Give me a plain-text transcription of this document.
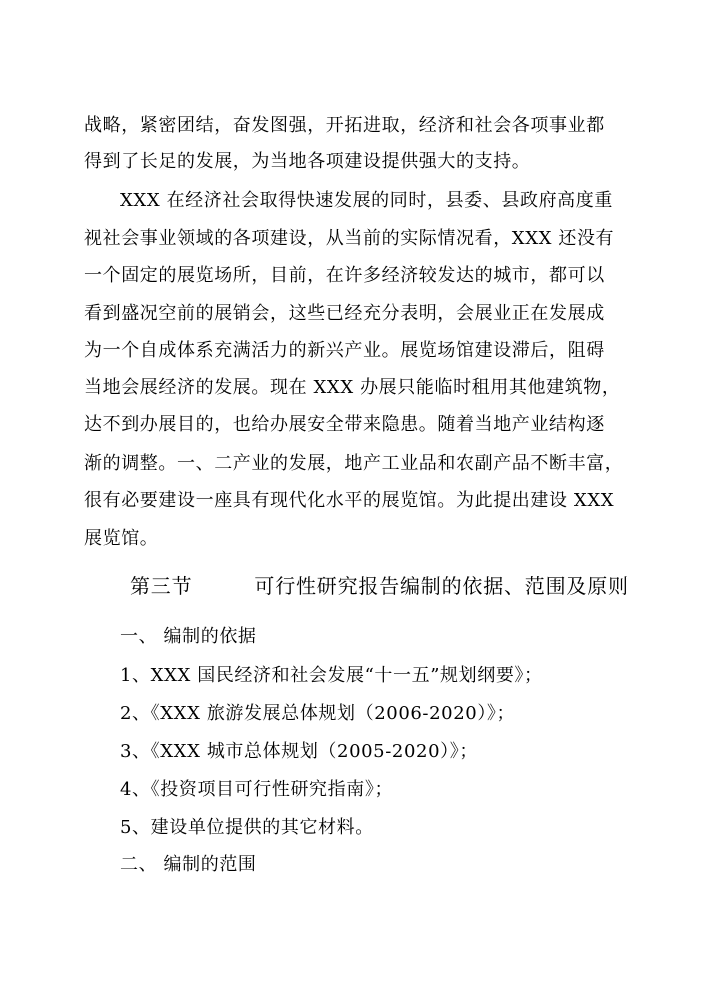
战略，紧密团结，奋发图强，开拓进取，经济和社会各项事业都
得到了长足的发展，为当地各项建设提供强大的支持。
XXX 在经济社会取得快速发展的同时，县委、县政府高度重
视社会事业领域的各项建设，从当前的实际情况看，XXX 还没有
一个固定的展览场所，目前，在许多经济较发达的城市，都可以
看到盛况空前的展销会，这些已经充分表明，会展业正在发展成
为一个自成体系充满活力的新兴产业。展览场馆建设滞后，阻碍
当地会展经济的发展。现在 XXX 办展只能临时租用其他建筑物，
达不到办展目的，也给办展安全带来隐患。随着当地产业结构逐
渐的调整。一、二产业的发展，地产工业品和农副产品不断丰富，
很有必要建设一座具有现代化水平的展览馆。为此提出建设 XXX
展览馆。
第三节	可行性研究报告编制的依据、范围及原则
一、 编制的依据
1、XXX 国民经济和社会发展“十一五”规划纲要》；
2、《XXX 旅游发展总体规划（2006-2020）》；
3、《XXX 城市总体规划（2005-2020）》；
4、《投资项目可行性研究指南》；
5、建设单位提供的其它材料。
二、 编制的范围
